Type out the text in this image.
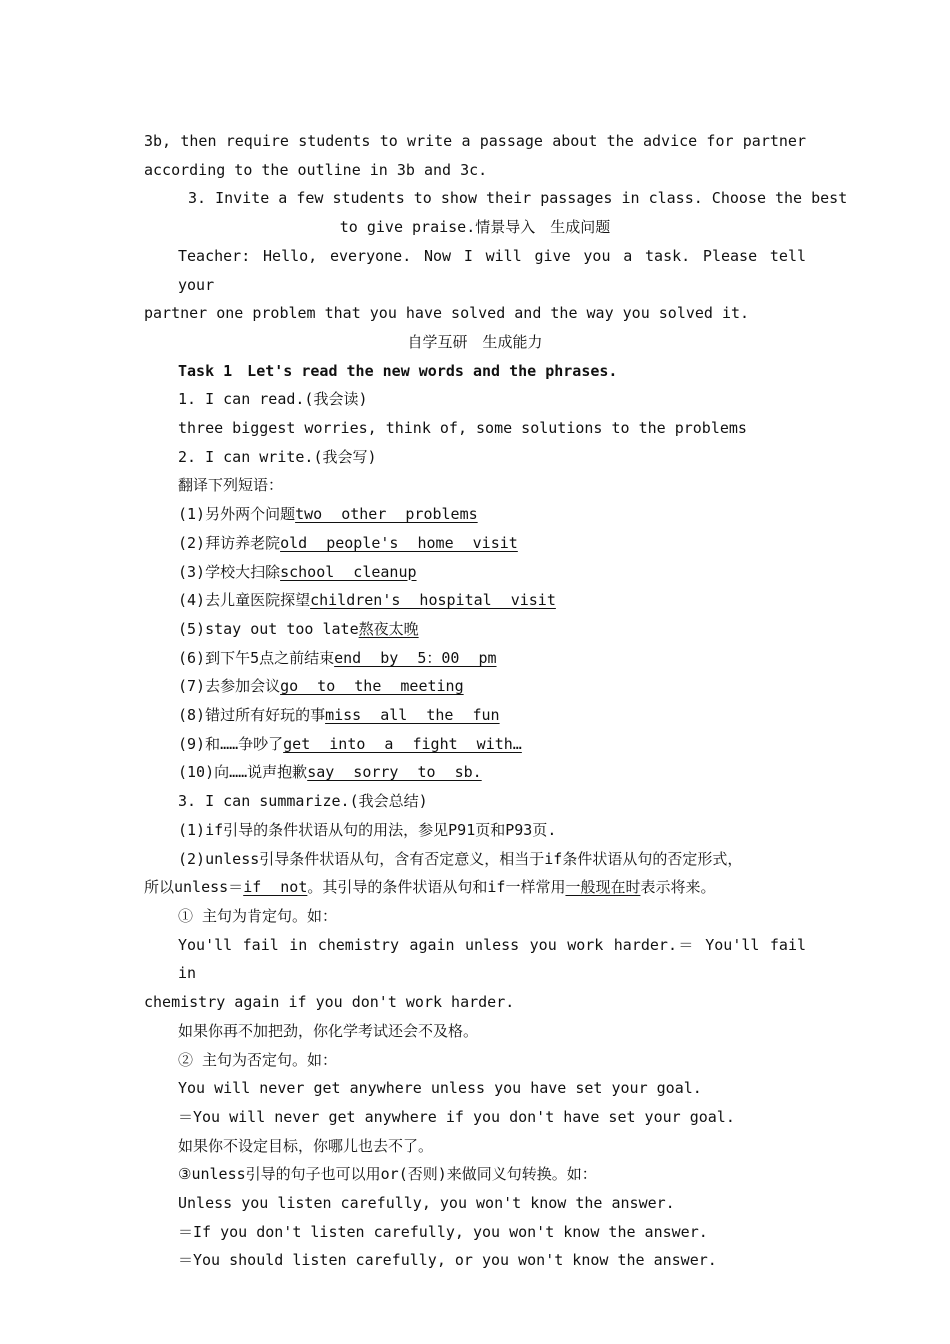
3b, then require students to write a passage about the advice for partner
according to the outline in 3b and 3c.
3. Invite a few students to show their passages in class. Choose the best
to give praise.情景导入　生成问题
Teacher: Hello, everyone. Now I will give you a task. Please tell your
partner one problem that you have solved and the way you solved it.
自学互研　生成能力
Task 1　Let's read the new words and the phrases.
1. I can read.(我会读)
three biggest worries, think of, some solutions to the problems
2. I can write.(我会写)
翻译下列短语：
(1)另外两个问题two other problems
(2)拜访养老院old people's home visit
(3)学校大扫除school cleanup
(4)去儿童医院探望children's hospital visit
(5)stay out too late熬夜太晚
(6)到下午5点之前结束end by 5：00 pm
(7)去参加会议go to the meeting
(8)错过所有好玩的事miss all the fun
(9)和……争吵了get into a fight with…
(10)向……说声抱歉say sorry to sb.
3. I can summarize.(我会总结)
(1)if引导的条件状语从句的用法，参见P91页和P93页.
(2)unless引导条件状语从句，含有否定意义，相当于if条件状语从句的否定形式，
所以unless＝if not。其引导的条件状语从句和if一样常用一般现在时表示将来。
① 主句为肯定句。如：
You'll fail in chemistry again unless you work harder.＝ You'll fail in
chemistry again if you don't work harder.
如果你再不加把劲，你化学考试还会不及格。
② 主句为否定句。如：
You will never get anywhere unless you have set your goal.
＝You will never get anywhere if you don't have set your goal.
如果你不设定目标，你哪儿也去不了。
③unless引导的句子也可以用or(否则)来做同义句转换。如：
Unless you listen carefully, you won't know the answer.
＝If you don't listen carefully, you won't know the answer.
＝You should listen carefully, or you won't know the answer.
